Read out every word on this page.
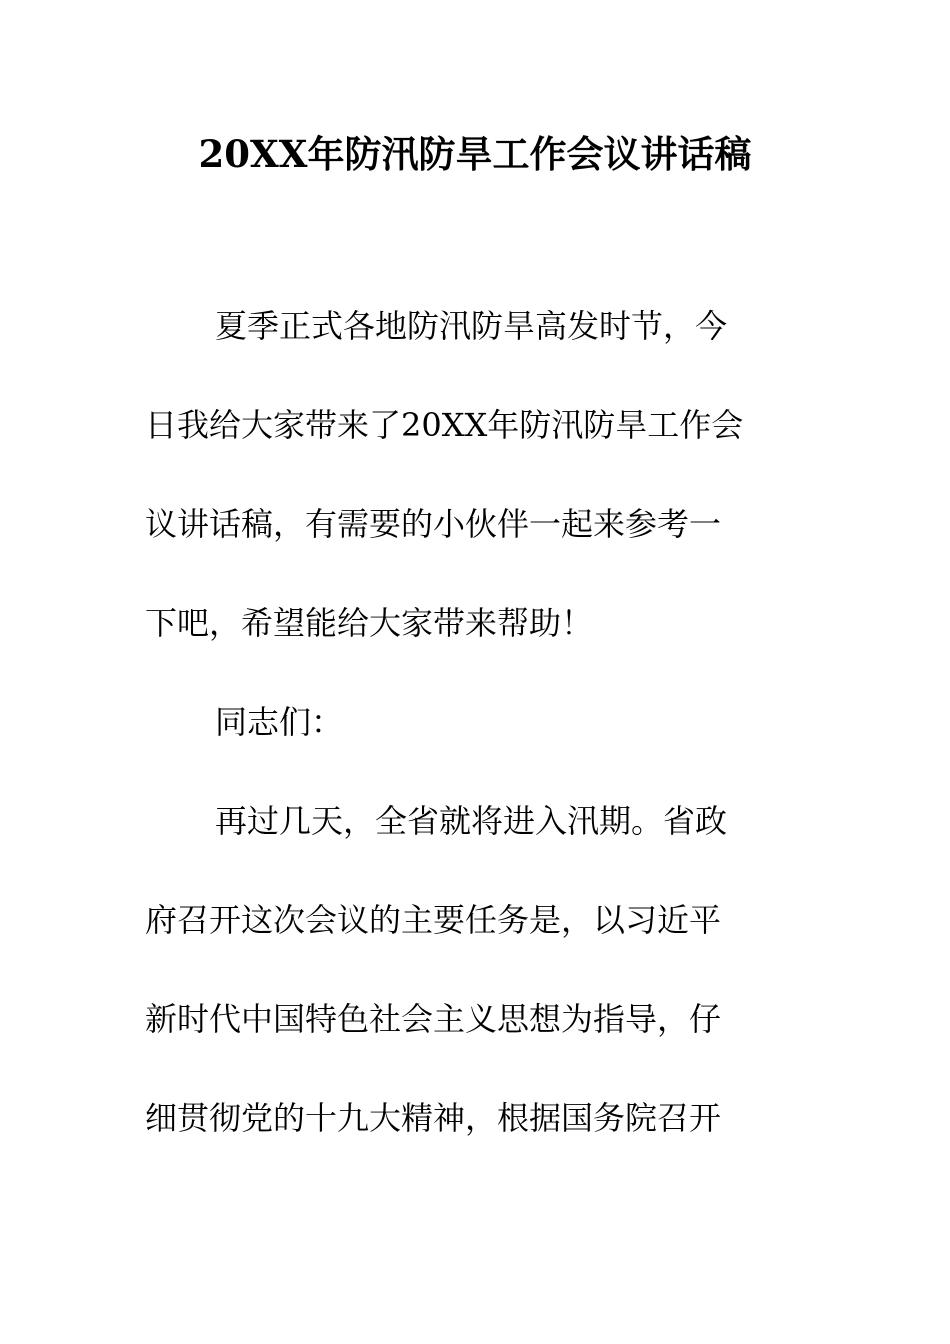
20XX年防汛防旱工作会议讲话稿
夏季正式各地防汛防旱高发时节，今
日我给大家带来了20XX年防汛防旱工作会
议讲话稿，有需要的小伙伴一起来参考一
下吧，希望能给大家带来帮助！
同志们：
再过几天，全省就将进入汛期。省政
府召开这次会议的主要任务是，以习近平
新时代中国特色社会主义思想为指导，仔
细贯彻党的十九大精神，根据国务院召开
